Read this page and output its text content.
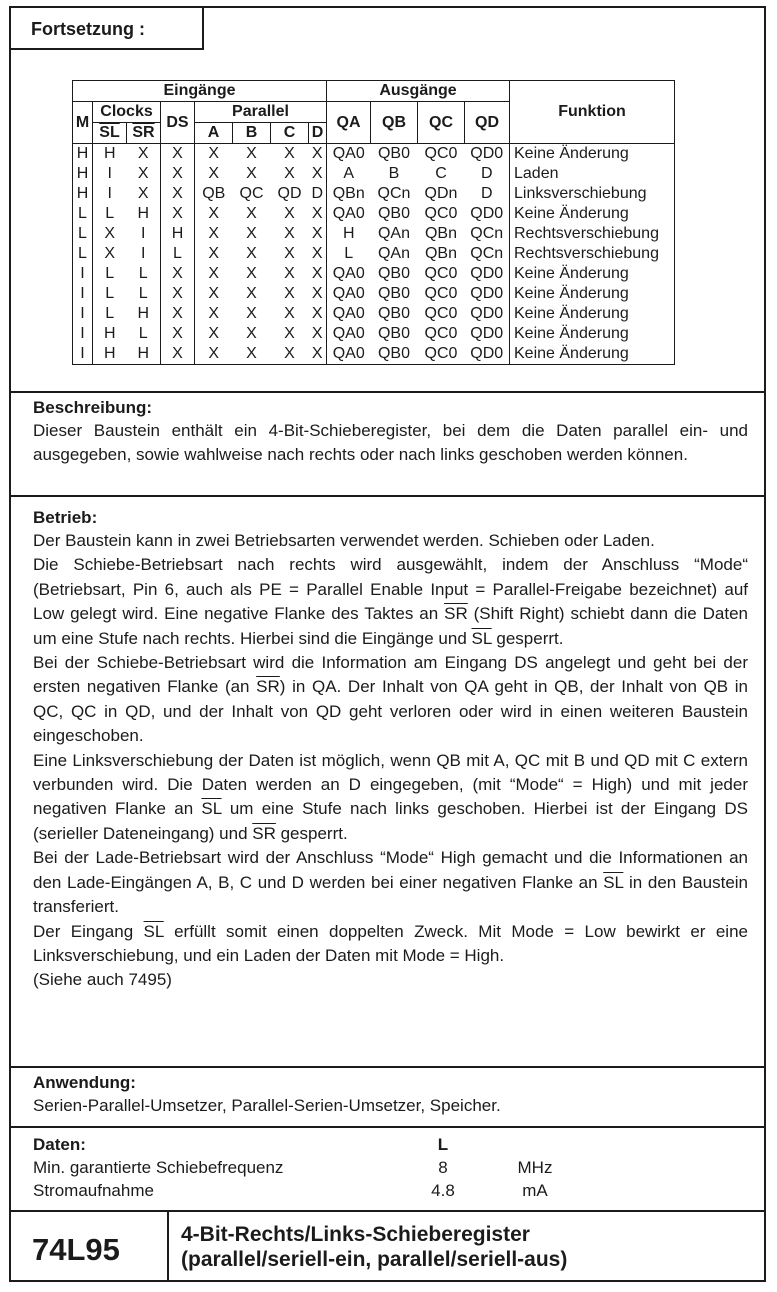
Fortsetzung :
Eingänge								Ausgänge				Funktion
M	Clocks		DS	Parallel				QA	QB	QC	QD	
	$\overline{SL}$	$\overline{SR}$		A	B	C	D					
H	H	X	X	X	X	X	X	QA0	QB0	QC0	QD0	Keine Änderung
H	I	X	X	X	X	X	X	A	B	C	D	Laden
H	I	X	X	QB	QC	QD	D	QBn	QCn	QDn	D	Linksverschiebung
L	L	H	X	X	X	X	X	QA0	QB0	QC0	QD0	Keine Änderung
L	X	I	H	X	X	X	X	H	QAn	QBn	QCn	Rechtsverschiebung
L	X	I	L	X	X	X	X	L	QAn	QBn	QCn	Rechtsverschiebung
I	L	L	X	X	X	X	X	QA0	QB0	QC0	QD0	Keine Änderung
I	L	L	X	X	X	X	X	QA0	QB0	QC0	QD0	Keine Änderung
I	L	H	X	X	X	X	X	QA0	QB0	QC0	QD0	Keine Änderung
I	H	L	X	X	X	X	X	QA0	QB0	QC0	QD0	Keine Änderung
I	H	H	X	X	X	X	X	QA0	QB0	QC0	QD0	Keine Änderung
Beschreibung:

Dieser Baustein enthält ein 4-Bit-Schieberegister, bei dem die Daten parallel ein- und ausgegeben, sowie wahlweise nach rechts oder nach links geschoben werden können.

Betrieb:

Der Baustein kann in zwei Betriebsarten verwendet werden. Schieben oder Laden.

Die Schiebe-Betriebsart nach rechts wird ausgewählt, indem der Anschluss “Mode“ (Betriebsart, Pin 6, auch als PE = Parallel Enable Input = Parallel-Freigabe bezeichnet) auf Low gelegt wird. Eine negative Flanke des Taktes an $\overline{SR}$ (Shift Right) schiebt dann die Daten um eine Stufe nach rechts. Hierbei sind die Eingänge und $\overline{SL}$ gesperrt.

Bei der Schiebe-Betriebsart wird die Information am Eingang DS angelegt und geht bei der ersten negativen Flanke (an $\overline{SR}$) in QA. Der Inhalt von QA geht in QB, der Inhalt von QB in QC, QC in QD, und der Inhalt von QD geht verloren oder wird in einen weiteren Baustein eingeschoben.

Eine Linksverschiebung der Daten ist möglich, wenn QB mit A, QC mit B und QD mit C extern verbunden wird. Die Daten werden an D eingegeben, (mit “Mode“ = High) und mit jeder negativen Flanke an $\overline{SL}$ um eine Stufe nach links geschoben. Hierbei ist der Eingang DS (serieller Dateneingang) und $\overline{SR}$ gesperrt.

Bei der Lade-Betriebsart wird der Anschluss “Mode“ High gemacht und die Informationen an den Lade-Eingängen A, B, C und D werden bei einer negativen Flanke an $\overline{SL}$ in den Baustein transferiert.

Der Eingang $\overline{SL}$ erfüllt somit einen doppelten Zweck. Mit Mode = Low bewirkt er eine Linksverschiebung, und ein Laden der Daten mit Mode = High.

(Siehe auch 7495)

Anwendung:

Serien-Parallel-Umsetzer, Parallel-Serien-Umsetzer, Speicher.

Daten:	L
Min. garantierte Schiebefrequenz	8	MHz
Stromaufnahme	4.8	mA
74L95	4-Bit-Rechts/Links-Schieberegister
(parallel/seriell-ein, parallel/seriell-aus)
